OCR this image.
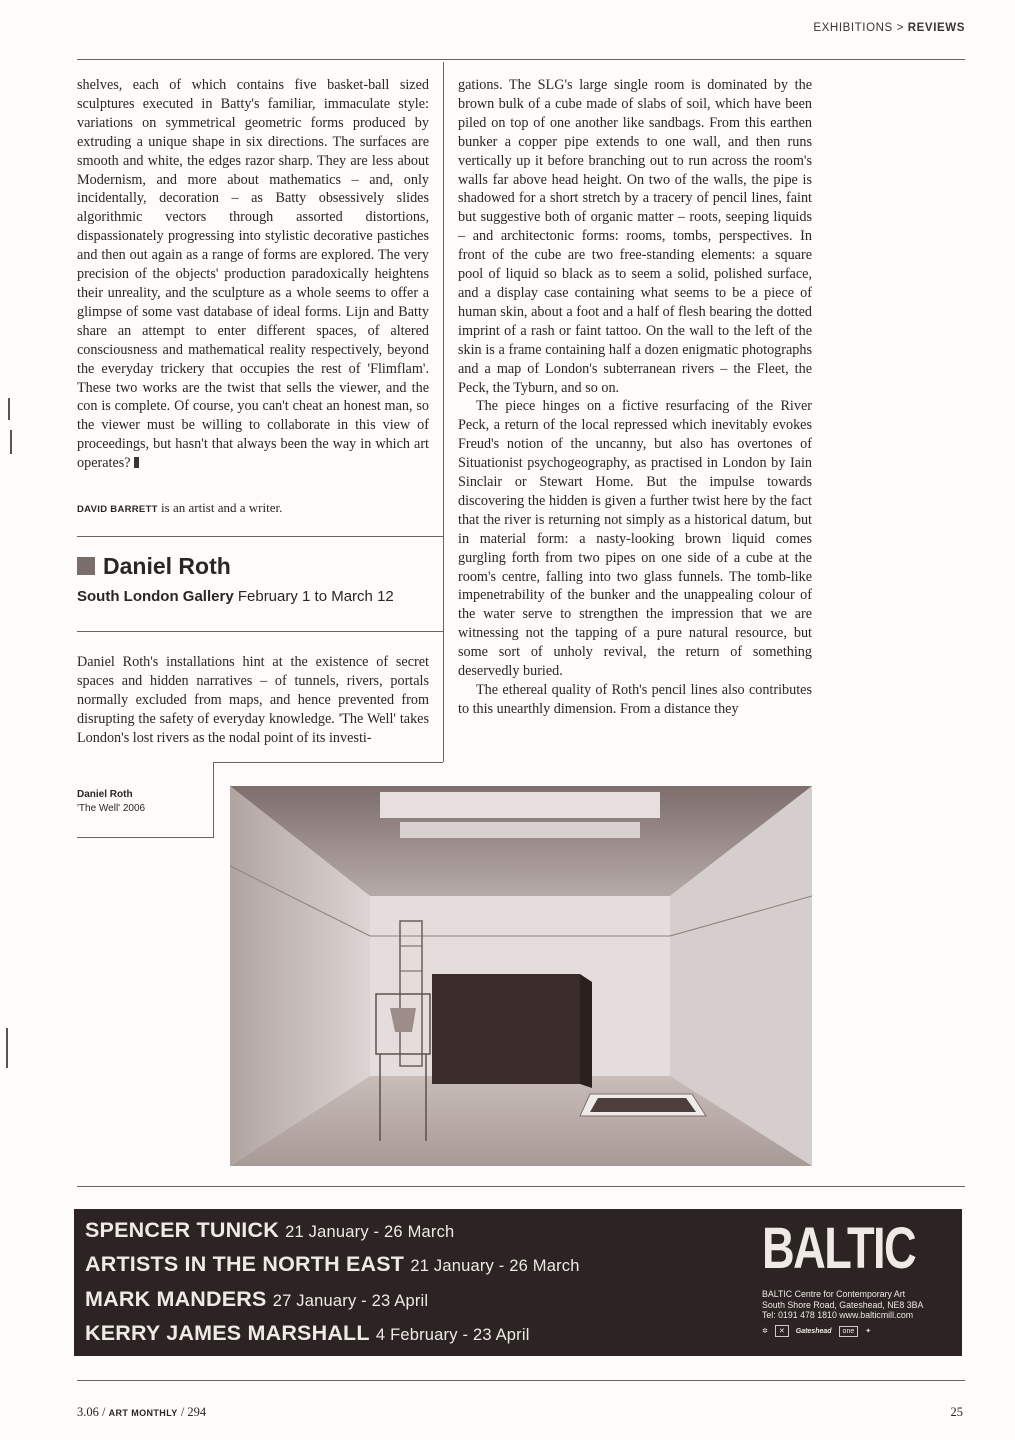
EXHIBITIONS > REVIEWS

shelves, each of which contains five basket-ball sized sculptures executed in Batty's familiar, immaculate style: variations on symmetrical geometric forms produced by extruding a unique shape in six directions. The surfaces are smooth and white, the edges razor sharp. They are less about Modernism, and more about mathematics – and, only incidentally, decoration – as Batty obsessively slides algorithmic vectors through assorted distortions, dispassionately progressing into stylistic decorative pastiches and then out again as a range of forms are explored. The very precision of the objects' production paradoxically heightens their unreality, and the sculpture as a whole seems to offer a glimpse of some vast database of ideal forms. Lijn and Batty share an attempt to enter different spaces, of altered consciousness and mathematical reality respectively, beyond the everyday trickery that occupies the rest of 'Flimflam'. These two works are the twist that sells the viewer, and the con is complete. Of course, you can't cheat an honest man, so the viewer must be willing to collaborate in this view of proceedings, but hasn't that always been the way in which art operates?

DAVID BARRETT is an artist and a writer.
Daniel Roth
South London Gallery February 1 to March 12

Daniel Roth's installations hint at the existence of secret spaces and hidden narratives – of tunnels, rivers, portals normally excluded from maps, and hence prevented from disrupting the safety of everyday knowledge. 'The Well' takes London's lost rivers as the nodal point of its investi-

gations. The SLG's large single room is dominated by the brown bulk of a cube made of slabs of soil, which have been piled on top of one another like sandbags. From this earthen bunker a copper pipe extends to one wall, and then runs vertically up it before branching out to run across the room's walls far above head height. On two of the walls, the pipe is shadowed for a short stretch by a tracery of pencil lines, faint but suggestive both of organic matter – roots, seeping liquids – and architectonic forms: rooms, tombs, perspectives. In front of the cube are two free-standing elements: a square pool of liquid so black as to seem a solid, polished surface, and a display case containing what seems to be a piece of human skin, about a foot and a half of flesh bearing the dotted imprint of a rash or faint tattoo. On the wall to the left of the skin is a frame containing half a dozen enigmatic photographs and a map of London's subterranean rivers – the Fleet, the Peck, the Tyburn, and so on.

The piece hinges on a fictive resurfacing of the River Peck, a return of the local repressed which inevitably evokes Freud's notion of the uncanny, but also has overtones of Situationist psychogeography, as practised in London by Iain Sinclair or Stewart Home. But the impulse towards discovering the hidden is given a further twist here by the fact that the river is returning not simply as a historical datum, but in material form: a nasty-looking brown liquid comes gurgling forth from two pipes on one side of a cube at the room's centre, falling into two glass funnels. The tomb-like impenetrability of the bunker and the unappealing colour of the water serve to strengthen the impression that we are witnessing not the tapping of a pure natural resource, but some sort of unholy revival, the return of something deservedly buried.

The ethereal quality of Roth's pencil lines also contributes to this unearthly dimension. From a distance they

Daniel Roth
'The Well' 2006
SPENCER TUNICK 21 January - 26 March
ARTISTS IN THE NORTH EAST 21 January - 26 March
MARK MANDERS 27 January - 23 April
KERRY JAMES MARSHALL 4 February - 23 April
BALTIC
BALTIC Centre for Contemporary Art
South Shore Road, Gateshead, NE8 3BA
Tel: 0191 478 1810 www.balticmill.com
✲	✕	Gateshead	one	✦
3.06 / ART MONTHLY / 294	25
